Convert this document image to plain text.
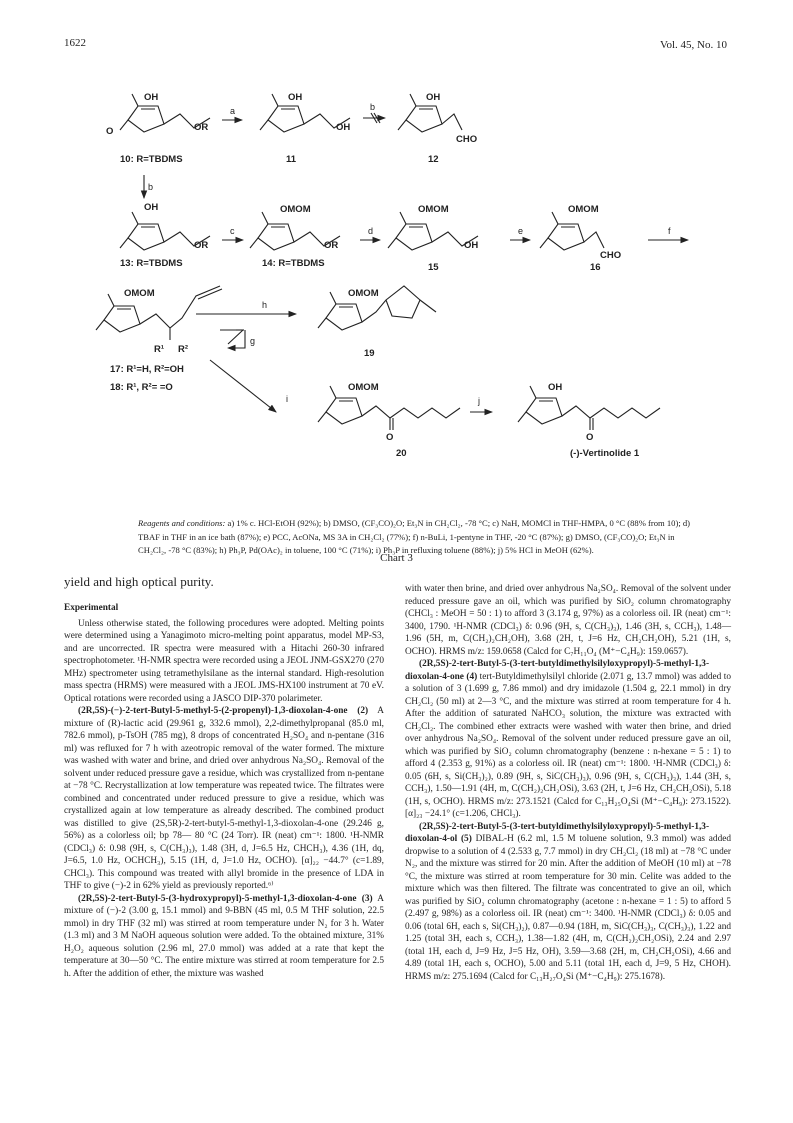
1622	Vol. 45, No. 10
OH
OR
O
OH
OH
OH
CHO
OH
OR
OMOM
OR
OMOM
OH
OMOM
CHO
OMOM
R¹ R²
OMOM
OMOM
O
OH
O
a	b
b
c	d	e	f
g
h
i	j
10: R=TBDMS	11	12
13: R=TBDMS	14: R=TBDMS	15	16
17: R¹=H, R²=OH
18: R¹, R²= =O
19
20	(-)-Vertinolide 1
Reagents and conditions: a) 1% c. HCl-EtOH (92%); b) DMSO, (CF₃CO)₂O; Et₃N in CH₂Cl₂, -78 °C; c) NaH, MOMCl in THF-HMPA, 0 °C (88% from 10); d) TBAF in THF in an ice bath (87%); e) PCC, AcONa, MS 3A in CH₂Cl₂ (77%); f) n-BuLi, 1-pentyne in THF, -20 °C (87%); g) DMSO, (CF₃CO)₂O; Et₃N in CH₂Cl₂, -78 °C (83%); h) Ph₃P, Pd(OAc)₂ in toluene, 100 °C (71%); i) Ph₃P in refluxing toluene (88%); j) 5% HCl in MeOH (62%).
Chart 3

yield and high optical purity.

Experimental

Unless otherwise stated, the following procedures were adopted. Melting points were determined using a Yanagimoto micro-melting point apparatus, model MP-S3, and are uncorrected. IR spectra were measured with a Hitachi 260-30 infrared spectrophotometer. ¹H-NMR spectra were recorded using a JEOL JNM-GSX270 (270 MHz) spectrometer using tetramethylsilane as the internal standard. High-resolution mass spectra (HRMS) were measured with a JEOL JMS-HX100 instrument at 70 eV. Optical rotations were recorded using a JASCO DIP-370 polarimeter.

(2R,5S)-(−)-2-tert-Butyl-5-methyl-5-(2-propenyl)-1,3-dioxolan-4-one (2) A mixture of (R)-lactic acid (29.961 g, 332.6 mmol), 2,2-dimethylpropanal (85.0 ml, 782.6 mmol), p-TsOH (785 mg), 8 drops of concentrated H₂SO₄ and n-pentane (316 ml) was refluxed for 7 h with azeotropic removal of the water formed. The mixture was washed with water and brine, and dried over anhydrous Na₂SO₄. Removal of the solvent under reduced pressure gave a residue, which was crystallized from n-pentane at −78 °C. Recrystallization at low temperature was repeated twice. The filtrates were combined and concentrated under reduced pressure to give a residue, which was crystallized again at low temperature as already described. The combined product was distilled to give (2S,5R)-2-tert-butyl-5-methyl-1,3-dioxolan-4-one (29.246 g, 56%) as a colorless oil; bp 78— 80 °C (24 Torr). IR (neat) cm⁻¹: 1800. ¹H-NMR (CDCl₃) δ: 0.98 (9H, s, C(CH₃)₃), 1.48 (3H, d, J=6.5 Hz, CHCH₃), 4.36 (1H, dq, J=6.5, 1.0 Hz, OCHCH₃), 5.15 (1H, d, J=1.0 Hz, OCHO). [α]₂₂ −44.7° (c=1.89, CHCl₃). This compound was treated with allyl bromide in the presence of LDA in THF to give (−)-2 in 62% yield as previously reported.⁶⁾

(2R,5S)-2-tert-Butyl-5-(3-hydroxypropyl)-5-methyl-1,3-dioxolan-4-one (3) A mixture of (−)-2 (3.00 g, 15.1 mmol) and 9-BBN (45 ml, 0.5 M THF solution, 22.5 mmol) in dry THF (32 ml) was stirred at room temperature under N₂ for 3 h. Water (1.3 ml) and 3 M NaOH aqueous solution were added. To the obtained mixture, 31% H₂O₂ aqueous solution (2.96 ml, 27.0 mmol) was added at a rate that kept the temperature at 30—50 °C. The entire mixture was stirred at room temperature for 2.5 h. After the addition of ether, the mixture was washed

with water then brine, and dried over anhydrous Na₂SO₄. Removal of the solvent under reduced pressure gave an oil, which was purified by SiO₂ column chromatography (CHCl₃ : MeOH = 50 : 1) to afford 3 (3.174 g, 97%) as a colorless oil. IR (neat) cm⁻¹: 3400, 1790. ¹H-NMR (CDCl₃) δ: 0.96 (9H, s, C(CH₃)₃), 1.46 (3H, s, CCH₃), 1.48—1.96 (5H, m, C(CH₂)₂CH₂OH), 3.68 (2H, t, J=6 Hz, CH₂CH₂OH), 5.21 (1H, s, OCHO). HRMS m/z: 159.0658 (Calcd for C₇H₁₁O₄ (M⁺−C₄H₉): 159.0657).

(2R,5S)-2-tert-Butyl-5-(3-tert-butyldimethylsilyloxypropyl)-5-methyl-1,3-dioxolan-4-one (4) tert-Butyldimethylsilyl chloride (2.071 g, 13.7 mmol) was added to a solution of 3 (1.699 g, 7.86 mmol) and dry imidazole (1.504 g, 22.1 mmol) in dry CH₂Cl₂ (50 ml) at 2—3 °C, and the mixture was stirred at room temperature for 4 h. After the addition of saturated NaHCO₃ solution, the mixture was extracted with CH₂Cl₂. The combined ether extracts were washed with water then brine, and dried over anhydrous Na₂SO₄. Removal of the solvent under reduced pressure gave an oil, which was purified by SiO₂ column chromatography (benzene : n-hexane = 5 : 1) to afford 4 (2.353 g, 91%) as a colorless oil. IR (neat) cm⁻¹: 1800. ¹H-NMR (CDCl₃) δ: 0.05 (6H, s, Si(CH₃)₂), 0.89 (9H, s, SiC(CH₃)₃), 0.96 (9H, s, C(CH₃)₃), 1.44 (3H, s, CCH₃), 1.50—1.91 (4H, m, C(CH₂)₂CH₂OSi), 3.63 (2H, t, J=6 Hz, CH₂CH₂OSi), 5.18 (1H, s, OCHO). HRMS m/z: 273.1521 (Calcd for C₁₃H₂₅O₄Si (M⁺−C₄H₉): 273.1522). [α]₂₃ −24.1° (c=1.206, CHCl₃).

(2R,5S)-2-tert-Butyl-5-(3-tert-butyldimethylsilyloxypropyl)-5-methyl-1,3-dioxolan-4-ol (5) DIBAL-H (6.2 ml, 1.5 M toluene solution, 9.3 mmol) was added dropwise to a solution of 4 (2.533 g, 7.7 mmol) in dry CH₂Cl₂ (18 ml) at −78 °C under N₂, and the mixture was stirred for 20 min. After the addition of MeOH (10 ml) at −78 °C, the mixture was stirred at room temperature for 30 min. Celite was added to the mixture which was then filtered. The filtrate was concentrated to give an oil, which was purified by SiO₂ column chromatography (acetone : n-hexane = 1 : 5) to afford 5 (2.497 g, 98%) as a colorless oil. IR (neat) cm⁻¹: 3400. ¹H-NMR (CDCl₃) δ: 0.05 and 0.06 (total 6H, each s, Si(CH₃)₂), 0.87—0.94 (18H, m, SiC(CH₃)₃, C(CH₃)₃), 1.22 and 1.25 (total 3H, each s, CCH₃), 1.38—1.82 (4H, m, C(CH₂)₂CH₂OSi), 2.24 and 2.97 (total 1H, each d, J=9 Hz, J=5 Hz, OH), 3.59—3.68 (2H, m, CH₂CH₂OSi), 4.66 and 4.89 (total 1H, each s, OCHO), 5.00 and 5.11 (total 1H, each d, J=9, 5 Hz, CHOH). HRMS m/z: 275.1694 (Calcd for C₁₃H₂₇O₄Si (M⁺−C₄H₉): 275.1678).
